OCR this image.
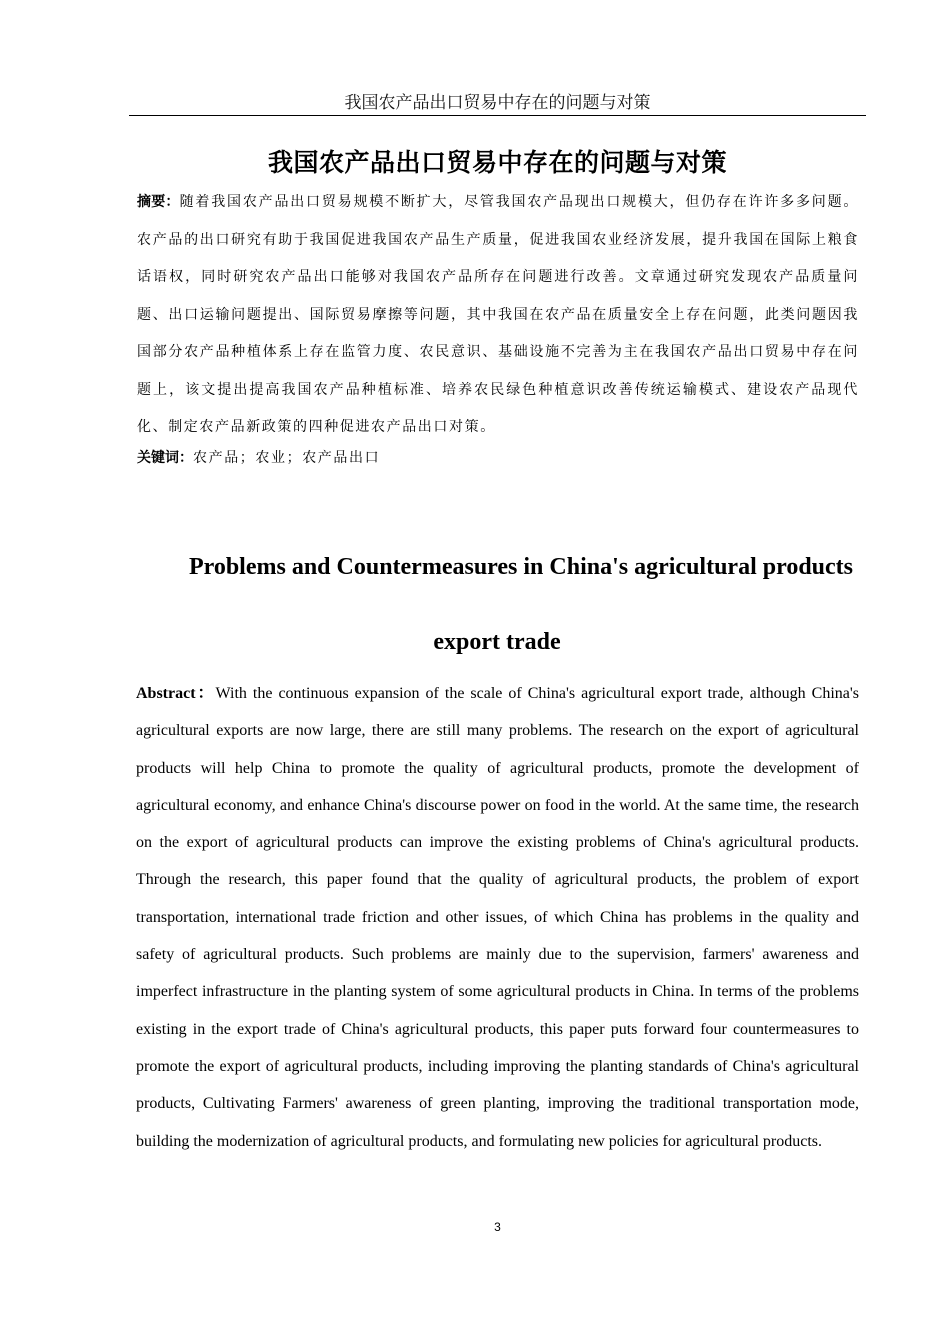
我国农产品出口贸易中存在的问题与对策
我国农产品出口贸易中存在的问题与对策
摘要：随着我国农产品出口贸易规模不断扩大，尽管我国农产品现出口规模大，但仍存在许许多多问题。农产品的出口研究有助于我国促进我国农产品生产质量，促进我国农业经济发展，提升我国在国际上粮食话语权，同时研究农产品出口能够对我国农产品所存在问题进行改善。文章通过研究发现农产品质量问题、出口运输问题提出、国际贸易摩擦等问题，其中我国在农产品在质量安全上存在问题，此类问题因我国部分农产品种植体系上存在监管力度、农民意识、基础设施不完善为主在我国农产品出口贸易中存在问题上，该文提出提高我国农产品种植标准、培养农民绿色种植意识改善传统运输模式、建设农产品现代化、制定农产品新政策的四种促进农产品出口对策。
关键词：农产品；农业；农产品出口
Problems and Countermeasures in China's agricultural products
export trade
Abstract：With the continuous expansion of the scale of China's agricultural export trade, although China's agricultural exports are now large, there are still many problems. The research on the export of agricultural products will help China to promote the quality of agricultural products, promote the development of agricultural economy, and enhance China's discourse power on food in the world. At the same time, the research on the export of agricultural products can improve the existing problems of China's agricultural products. Through the research, this paper found that the quality of agricultural products, the problem of export transportation, international trade friction and other issues, of which China has problems in the quality and safety of agricultural products. Such problems are mainly due to the supervision, farmers' awareness and imperfect infrastructure in the planting system of some agricultural products in China. In terms of the problems existing in the export trade of China's agricultural products, this paper puts forward four countermeasures to promote the export of agricultural products, including improving the planting standards of China's agricultural products, Cultivating Farmers' awareness of green planting, improving the traditional transportation mode, building the modernization of agricultural products, and formulating new policies for agricultural products.
3
